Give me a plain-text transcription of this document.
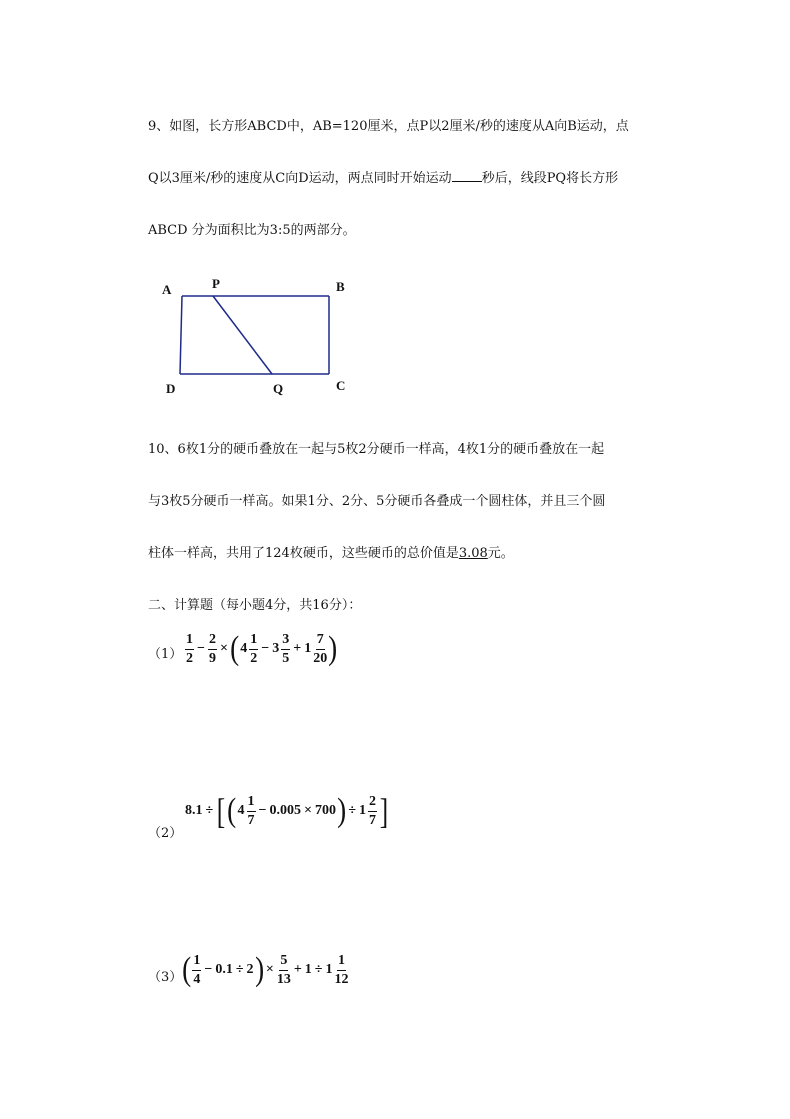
9、如图，长方形ABCD中，AB=120厘米，点P以2厘米/秒的速度从A向B运动，点
Q以3厘米/秒的速度从C向D运动，两点同时开始运动 秒后，线段PQ将长方形
ABCD 分为面积比为3:5的两部分。
A	P	B
D	Q	C
10、6枚1分的硬币叠放在一起与5枚2分硬币一样高，4枚1分的硬币叠放在一起
与3枚5分硬币一样高。如果1分、2分、5分硬币各叠成一个圆柱体，并且三个圆
柱体一样高，共用了124枚硬币，这些硬币的总价值是3.08元。
二、计算题（每小题4分，共16分）：
$(1) \frac{1}{2} - \frac{2}{9}$ × ( $4 \frac{1}{2} - 3 \frac{3}{5} + 1 \frac{7}{20}$ )
（2）
8.1 ÷ [ ( $4 \frac{1}{7} - 0.005 \times 700$ ) ÷ $1 \frac{2}{7}$ ]
（3） ( $\frac{1}{4} - 0.1 \div 2$ ) × $\frac{5}{13} + 1 \div 1 \frac{1}{12}$
